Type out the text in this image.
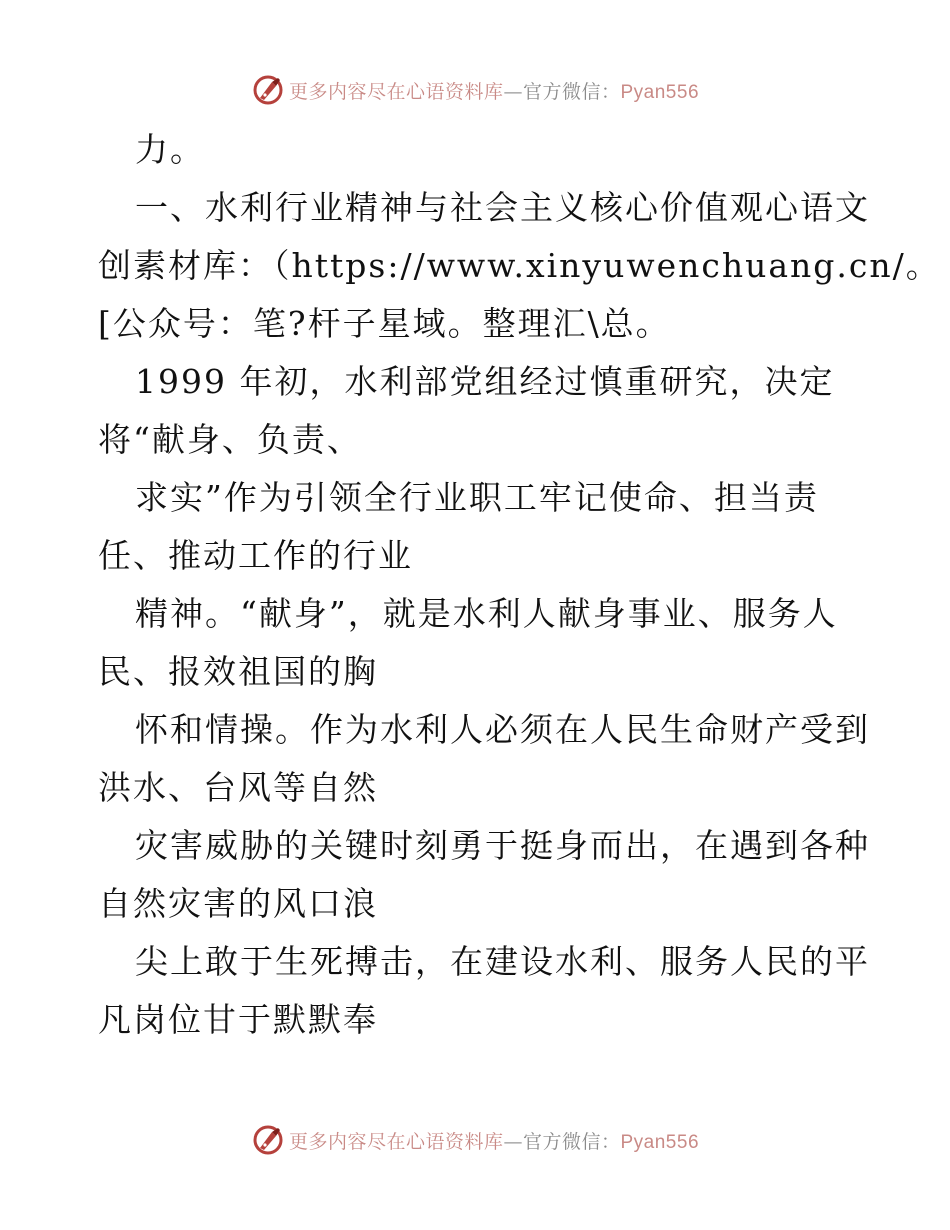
更多内容尽在心语资料库—官方微信：Pyan556
力。
一、水利行业精神与社会主义核心价值观心语文
创素材库：（https://www.xinyuwenchuang.cn/。
[公众号：笔?杆子星域。整理汇\总。
1999 年初，水利部党组经过慎重研究，决定
将“献身、负责、
求实”作为引领全行业职工牢记使命、担当责
任、推动工作的行业
精神。“献身”，就是水利人献身事业、服务人
民、报效祖国的胸
怀和情操。作为水利人必须在人民生命财产受到
洪水、台风等自然
灾害威胁的关键时刻勇于挺身而出，在遇到各种
自然灾害的风口浪
尖上敢于生死搏击，在建设水利、服务人民的平
凡岗位甘于默默奉
更多内容尽在心语资料库—官方微信：Pyan556
